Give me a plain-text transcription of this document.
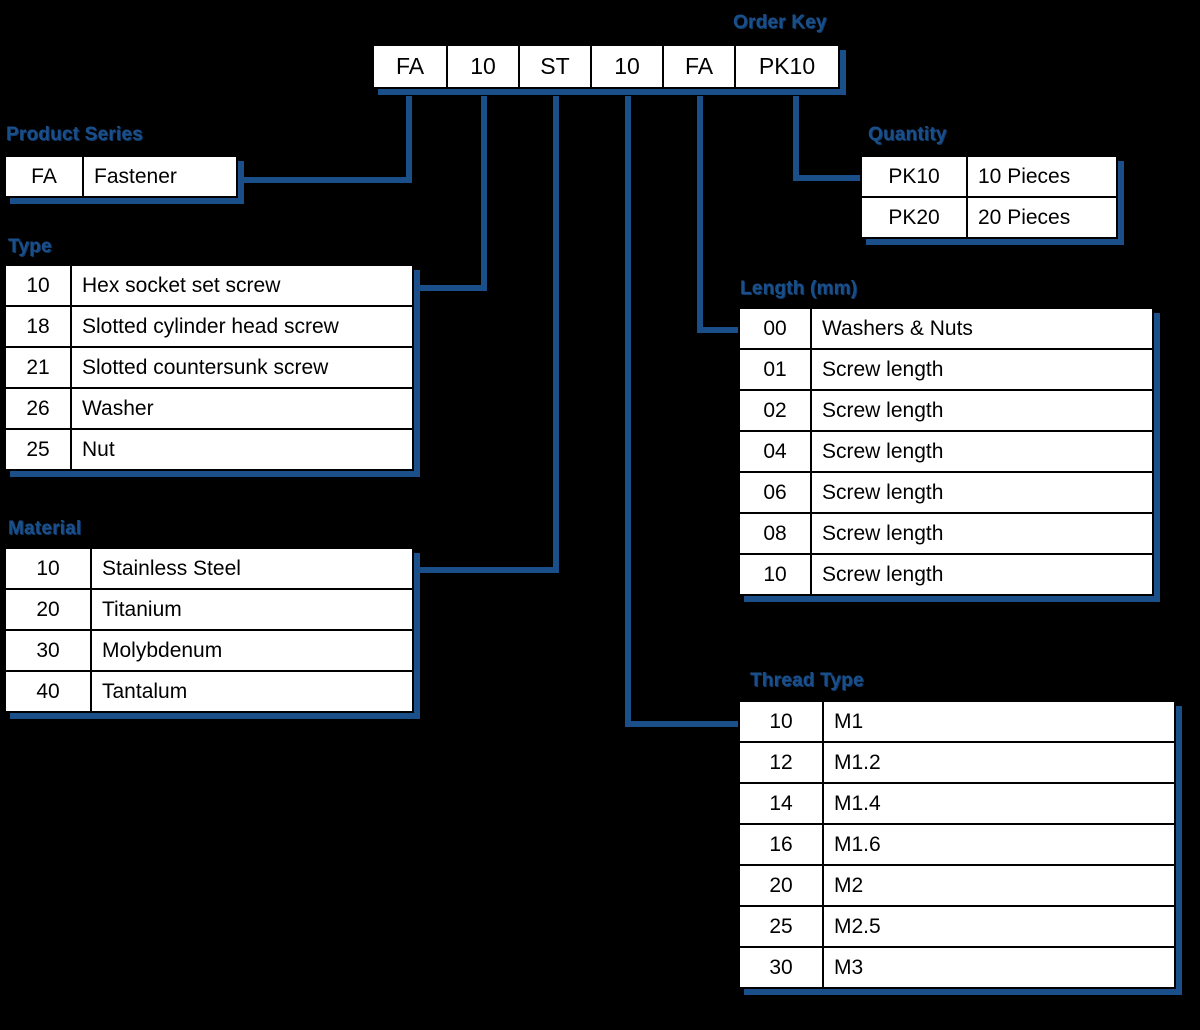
Order Key
FA	10	ST	10	FA	PK10
Product Series
FA	Fastener
Type
10	Hex socket set screw
18	Slotted cylinder head screw
21	Slotted countersunk screw
26	Washer
25	Nut
Material
10	Stainless Steel
20	Titanium
30	Molybdenum
40	Tantalum
Quantity
PK10	10 Pieces
PK20	20 Pieces
Length (mm)
00	Washers & Nuts
01	Screw length
02	Screw length
04	Screw length
06	Screw length
08	Screw length
10	Screw length
Thread Type
10	M1
12	M1.2
14	M1.4
16	M1.6
20	M2
25	M2.5
30	M3
